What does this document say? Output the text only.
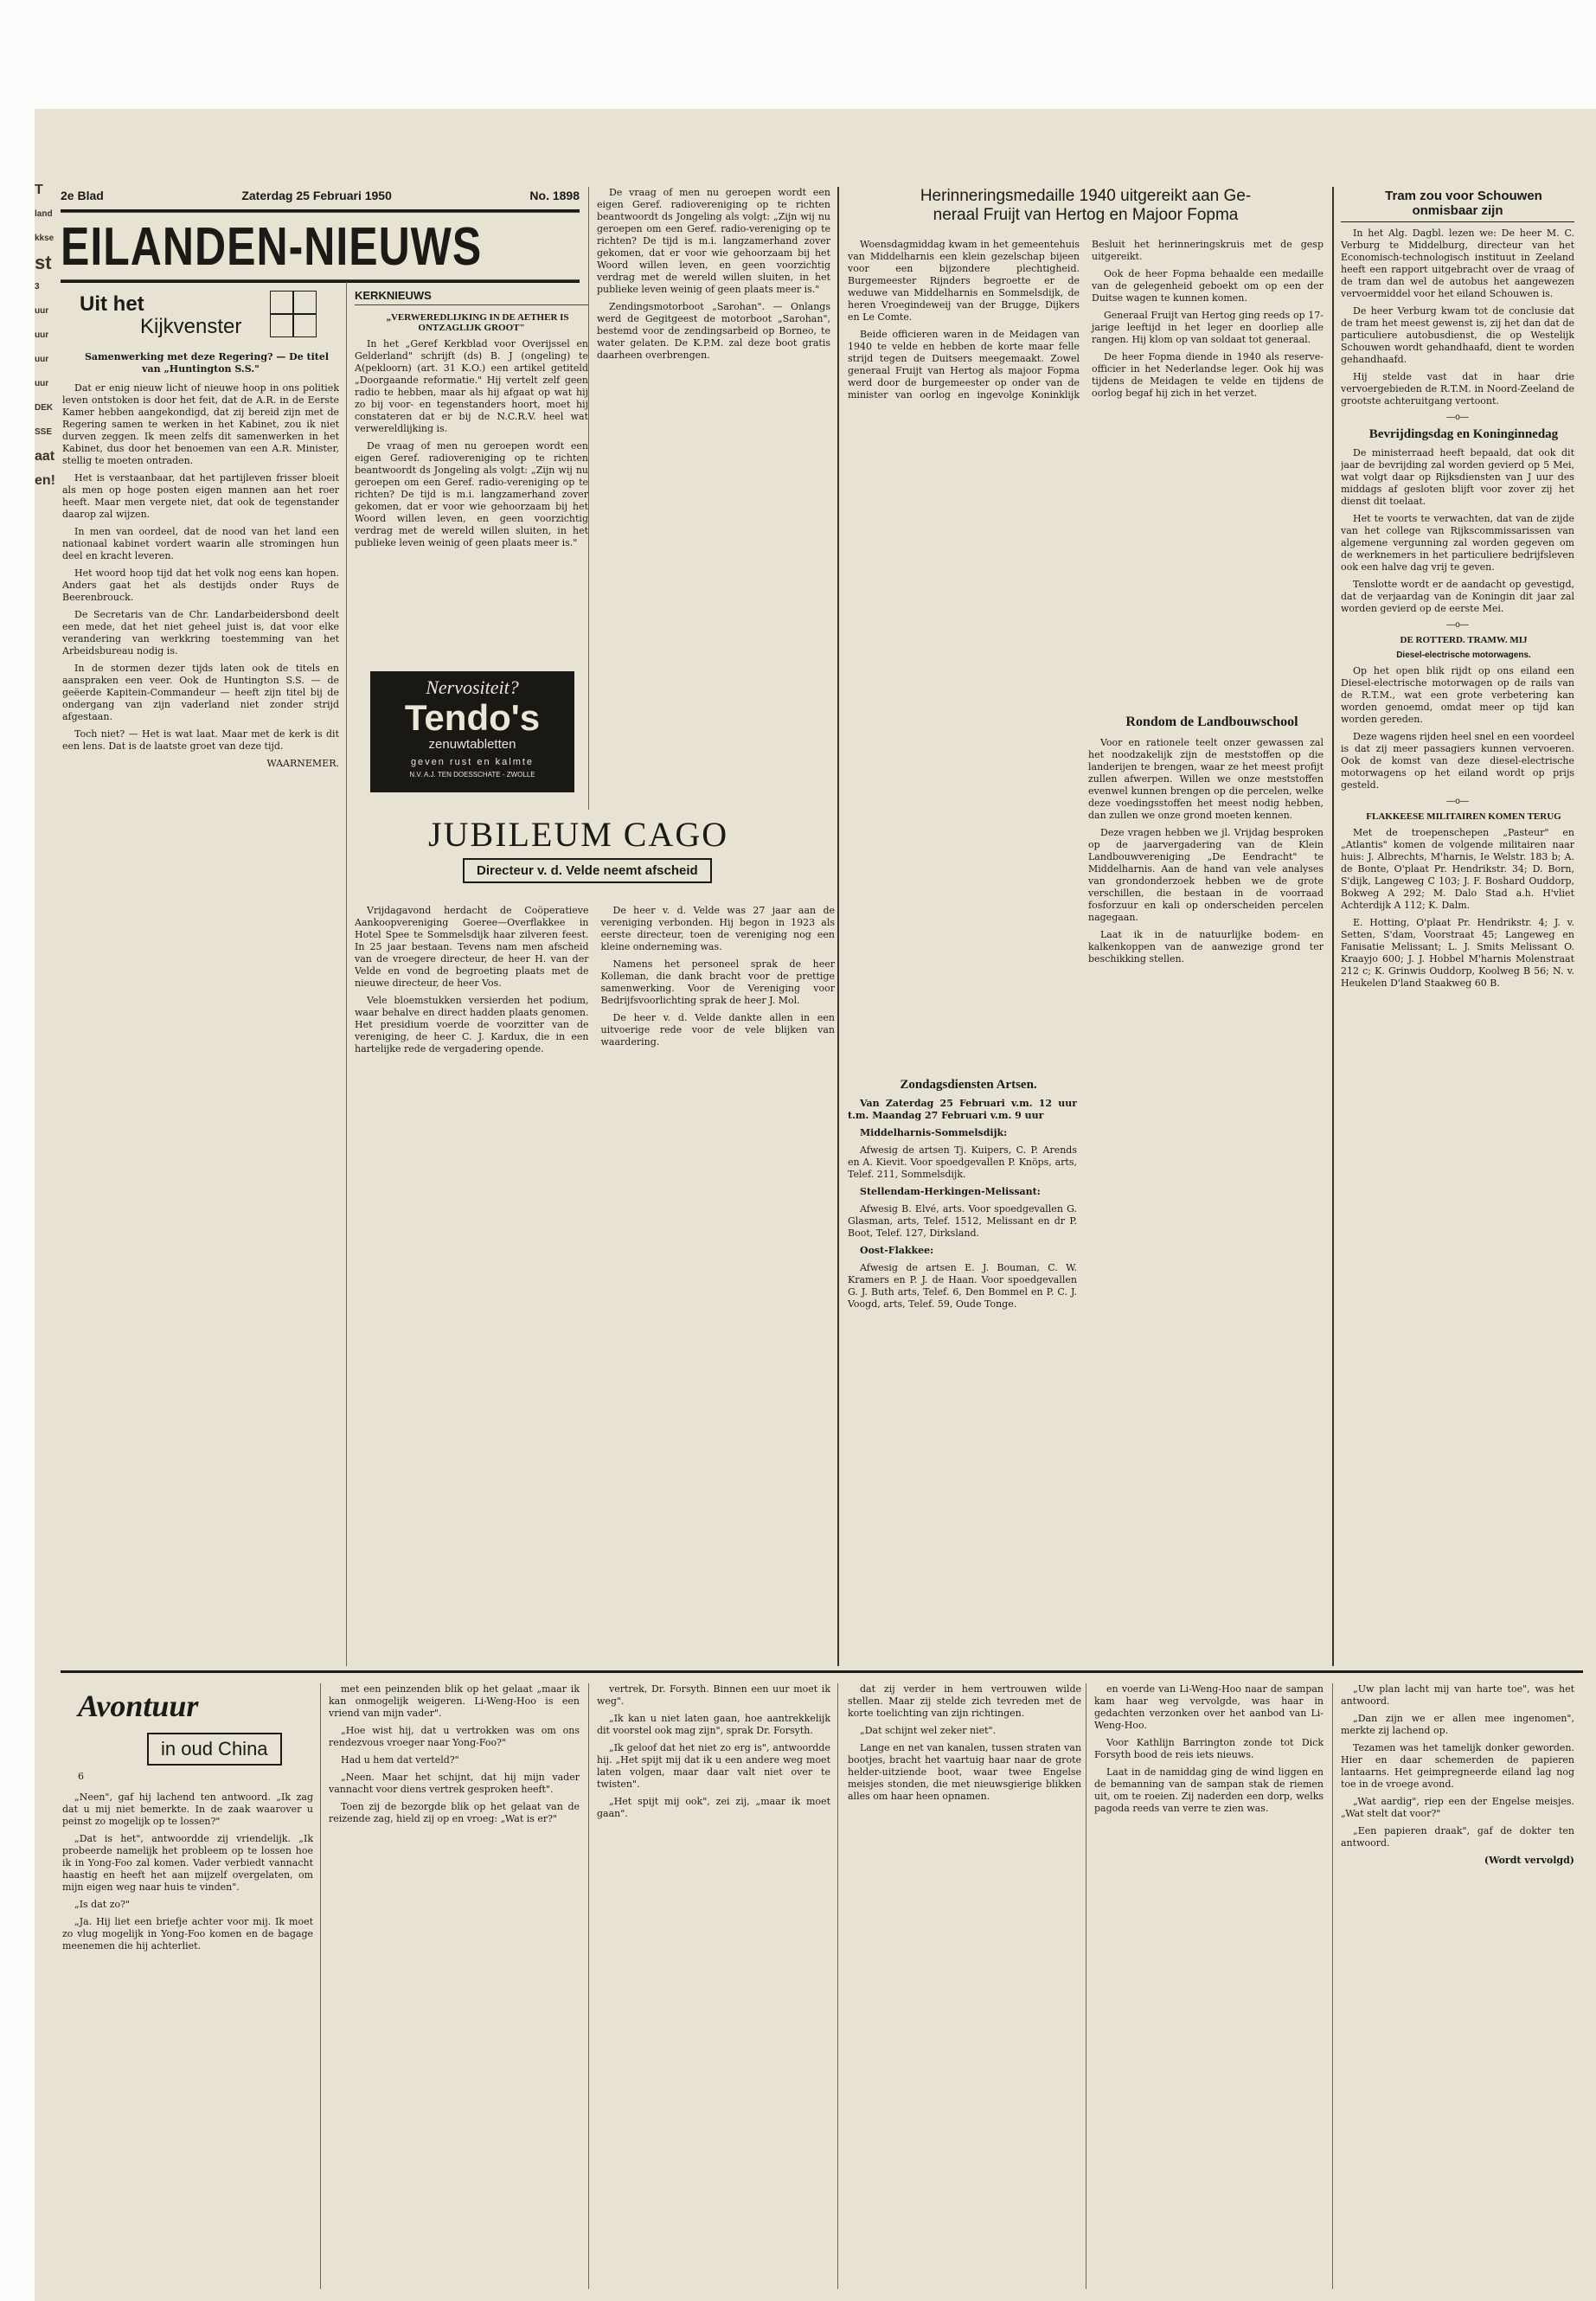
T
land
kkse
st
3 uur
uur
uur
uur
DEK
SSE
aat
en!
2e Blad	Zaterdag 25 Februari 1950	No. 1898
EILANDEN-NIEUWS
Uit het
Kijkvenster

Samenwerking met deze Regering? — De titel van „Huntington S.S."

Dat er enig nieuw licht of nieuwe hoop in ons politiek leven ontstoken is door het feit, dat de A.R. in de Eerste Kamer hebben aangekondigd, dat zij bereid zijn met de Regering samen te werken in het Kabinet, zou ik niet durven zeggen. Ik meen zelfs dit samenwerken in het Kabinet, dus door het benoemen van een A.R. Minister, stellig te moeten ontraden.

Het is verstaanbaar, dat het partijleven frisser bloeit als men op hoge posten eigen mannen aan het roer heeft. Maar men vergete niet, dat ook de tegenstander daarop zal wijzen.

In men van oordeel, dat de nood van het land een nationaal kabinet vordert waarin alle stromingen hun deel en kracht leveren.

Het woord hoop tijd dat het volk nog eens kan hopen. Anders gaat het als destijds onder Ruys de Beerenbrouck.

De Secretaris van de Chr. Landarbeidersbond deelt een mede, dat het niet geheel juist is, dat voor elke verandering van werkkring toestemming van het Arbeidsbureau nodig is.

In de stormen dezer tijds laten ook de titels en aanspraken een veer. Ook de Huntington S.S. — de geëerde Kapitein-Commandeur — heeft zijn titel bij de ondergang van zijn vaderland niet zonder strijd afgestaan.

Toch niet? — Het is wat laat. Maar met de kerk is dit een lens. Dat is de laatste groet van deze tijd.

WAARNEMER.

KERKNIEUWS

„VERWEREDLIJKING IN DE AETHER IS ONTZAGLIJK GROOT"

In het „Geref Kerkblad voor Overijssel en Gelderland" schrijft (ds) B. J (ongeling) te A(pekloorn) (art. 31 K.O.) een artikel getiteld „Doorgaande reformatie." Hij vertelt zelf geen radio te hebben, maar als hij afgaat op wat hij zo bij voor- en tegenstanders hoort, moet hij constateren dat er bij de N.C.R.V. heel wat verwereldlijking is.

De vraag of men nu geroepen wordt een eigen Geref. radiovereniging op te richten beantwoordt ds Jongeling als volgt: „Zijn wij nu geroepen om een Geref. radio-vereniging op te richten? De tijd is m.i. langzamerhand zover gekomen, dat er voor wie gehoorzaam bij het Woord willen leven, en geen voorzichtig verdrag met de wereld willen sluiten, in het publieke leven weinig of geen plaats meer is."

Nervositeit?
Tendo's
zenuwtabletten
geven rust en kalmte
N.V. A.J. TEN DOESSCHATE - ZWOLLE

De vraag of men nu geroepen wordt een eigen Geref. radiovereniging op te richten beantwoordt ds Jongeling als volgt: „Zijn wij nu geroepen om een Geref. radio-vereniging op te richten? De tijd is m.i. langzamerhand zover gekomen, dat er voor wie gehoorzaam bij het Woord willen leven, en geen voorzichtig verdrag met de wereld willen sluiten, in het publieke leven weinig of geen plaats meer is."

Zendingsmotorboot „Sarohan". — Onlangs werd de Gegitgeest de motorboot „Sarohan", bestemd voor de zendingsarbeid op Borneo, te water gelaten. De K.P.M. zal deze boot gratis daarheen overbrengen.

JUBILEUM CAGO
Directeur v. d. Velde neemt afscheid

Vrijdagavond herdacht de Coöperatieve Aankoopvereniging Goeree—Overflakkee in Hotel Spee te Sommelsdijk haar zilveren feest. In 25 jaar bestaan. Tevens nam men afscheid van de vroegere directeur, de heer H. van der Velde en vond de begroeting plaats met de nieuwe directeur, de heer Vos.

Vele bloemstukken versierden het podium, waar behalve en direct hadden plaats genomen. Het presidium voerde de voorzitter van de vereniging, de heer C. J. Kardux, die in een hartelijke rede de vergadering opende.

De heer v. d. Velde was 27 jaar aan de vereniging verbonden. Hij begon in 1923 als eerste directeur, toen de vereniging nog een kleine onderneming was.

Namens het personeel sprak de heer Kolleman, die dank bracht voor de prettige samenwerking. Voor de Vereniging voor Bedrijfsvoorlichting sprak de heer J. Mol.

De heer v. d. Velde dankte allen in een uitvoerige rede voor de vele blijken van waardering.

Herinneringsmedaille 1940 uitgereikt aan Ge-

neraal Fruijt van Hertog en Majoor Fopma

Woensdagmiddag kwam in het gemeentehuis van Middelharnis een klein gezelschap bijeen voor een bijzondere plechtigheid. Burgemeester Rijnders begroette er de weduwe van Middelharnis en Sommelsdijk, de heren Vroegindeweij van der Brugge, Dijkers en Le Comte.

Beide officieren waren in de Meidagen van 1940 te velde en hebben de korte maar felle strijd tegen de Duitsers meegemaakt. Zowel generaal Fruijt van Hertog als majoor Fopma werd door de burgemeester op onder van de minister van oorlog en ingevolge Koninklijk Besluit het herinneringskruis met de gesp uitgereikt.

Ook de heer Fopma behaalde een medaille van de gelegenheid geboekt om op een der Duitse wagen te kunnen komen.

Generaal Fruijt van Hertog ging reeds op 17-jarige leeftijd in het leger en doorliep alle rangen. Hij klom op van soldaat tot generaal.

De heer Fopma diende in 1940 als reserve-officier in het Nederlandse leger. Ook hij was tijdens de Meidagen te velde en tijdens de oorlog begaf hij zich in het verzet.

Rondom de Landbouwschool

Voor en rationele teelt onzer gewassen zal het noodzakelijk zijn de meststoffen op die landerijen te brengen, waar ze het meest profijt zullen afwerpen. Willen we onze meststoffen evenwel kunnen brengen op die percelen, welke deze voedingsstoffen het meest nodig hebben, dan zullen we onze grond moeten kennen.

Deze vragen hebben we jl. Vrijdag besproken op de jaarvergadering van de Klein Landbouwvereniging „De Eendracht" te Middelharnis. Aan de hand van vele analyses van grondonderzoek hebben we de grote verschillen, die bestaan in de voorraad fosforzuur en kali op onderscheiden percelen nagegaan.

Laat ik in de natuurlijke bodem- en kalkenkoppen van de aanwezige grond ter beschikking stellen.

Zondagsdiensten Artsen.

Van Zaterdag 25 Februari v.m. 12 uur t.m. Maandag 27 Februari v.m. 9 uur

Middelharnis-Sommelsdijk:

Afwesig de artsen Tj. Kuipers, C. P. Arends en A. Kievit. Voor spoedgevallen P. Knöps, arts, Telef. 211, Sommelsdijk.

Stellendam-Herkingen-Melissant:

Afwesig B. Elvé, arts. Voor spoedgevallen G. Glasman, arts, Telef. 1512, Melissant en dr P. Boot, Telef. 127, Dirksland.

Oost-Flakkee:

Afwesig de artsen E. J. Bouman, C. W. Kramers en P. J. de Haan. Voor spoedgevallen G. J. Buth arts, Telef. 6, Den Bommel en P. C. J. Voogd, arts, Telef. 59, Oude Tonge.

Tram zou voor Schouwen onmisbaar zijn

In het Alg. Dagbl. lezen we: De heer M. C. Verburg te Middelburg, directeur van het Economisch-technologisch instituut in Zeeland heeft een rapport uitgebracht over de vraag of de tram dan wel de autobus het aangewezen vervoermiddel voor het eiland Schouwen is.

De heer Verburg kwam tot de conclusie dat de tram het meest gewenst is, zij het dan dat de particuliere autobusdienst, die op Westelijk Schouwen wordt gehandhaafd, dient te worden gehandhaafd.

Hij stelde vast dat in haar drie vervoergebieden de R.T.M. in Noord-Zeeland de grootste achteruitgang vertoont.

—o—

Bevrijdingsdag en Koninginnedag

De ministerraad heeft bepaald, dat ook dit jaar de bevrijding zal worden gevierd op 5 Mei, wat volgt daar op Rijksdiensten van J uur des middags af gesloten blijft voor zover zij het dienst dit toelaat.

Het te voorts te verwachten, dat van de zijde van het college van Rijkscommissarissen van algemene vergunning zal worden gegeven om de werknemers in het particuliere bedrijfsleven ook een halve dag vrij te geven.

Tenslotte wordt er de aandacht op gevestigd, dat de verjaardag van de Koningin dit jaar zal worden gevierd op de eerste Mei.

—o—

DE ROTTERD. TRAMW. MIJ

Diesel-electrische motorwagens.

Op het open blik rijdt op ons eiland een Diesel-electrische motorwagen op de rails van de R.T.M., wat een grote verbetering kan worden genoemd, omdat meer op tijd kan worden gereden.

Deze wagens rijden heel snel en een voordeel is dat zij meer passagiers kunnen vervoeren. Ook de komst van deze diesel-electrische motorwagens op het eiland wordt op prijs gesteld.

—o—

FLAKKEESE MILITAIREN KOMEN TERUG

Met de troepenschepen „Pasteur" en „Atlantis" komen de volgende militairen naar huis: J. Albrechts, M'harnis, Ie Welstr. 183 b; A. de Bonte, O'plaat Pr. Hendrikstr. 34; D. Born, S'dijk, Langeweg C 103; J. F. Boshard Ouddorp, Bokweg A 292; M. Dalo Stad a.h. H'vliet Achterdijk A 112; K. Dalm.

E. Hotting, O'plaat Pr. Hendrikstr. 4; J. v. Setten, S'dam, Voorstraat 45; Langeweg en Fanisatie Melissant; L. J. Smits Melissant O. Kraayjo 600; J. J. Hobbel M'harnis Molenstraat 212 c; K. Grinwis Ouddorp, Koolweg B 56; N. v. Heukelen D'land Staakweg 60 B.

Avontuur
in oud China
6

„Neen", gaf hij lachend ten antwoord. „Ik zag dat u mij niet bemerkte. In de zaak waarover u peinst zo mogelijk op te lossen?"

„Dat is het", antwoordde zij vriendelijk. „Ik probeerde namelijk het probleem op te lossen hoe ik in Yong-Foo zal komen. Vader verbiedt vannacht haastig en heeft het aan mijzelf overgelaten, om mijn eigen weg naar huis te vinden".

„Is dat zo?"

„Ja. Hij liet een briefje achter voor mij. Ik moet zo vlug mogelijk in Yong-Foo komen en de bagage meenemen die hij achterliet.

met een peinzenden blik op het gelaat „maar ik kan onmogelijk weigeren. Li-Weng-Hoo is een vriend van mijn vader".

„Hoe wist hij, dat u vertrokken was om ons rendezvous vroeger naar Yong-Foo?"

Had u hem dat verteld?"

„Neen. Maar het schijnt, dat hij mijn vader vannacht voor diens vertrek gesproken heeft".

Toen zij de bezorgde blik op het gelaat van de reizende zag, hield zij op en vroeg: „Wat is er?"

vertrek, Dr. Forsyth. Binnen een uur moet ik weg".

„Ik kan u niet laten gaan, hoe aantrekkelijk dit voorstel ook mag zijn", sprak Dr. Forsyth.

„Ik geloof dat het niet zo erg is", antwoordde hij. „Het spijt mij dat ik u een andere weg moet laten volgen, maar daar valt niet over te twisten".

„Het spijt mij ook", zei zij, „maar ik moet gaan".

dat zij verder in hem vertrouwen wilde stellen. Maar zij stelde zich tevreden met de korte toelichting van zijn richtingen.

„Dat schijnt wel zeker niet".

Lange en net van kanalen, tussen straten van bootjes, bracht het vaartuig haar naar de grote helder-uitziende boot, waar twee Engelse meisjes stonden, die met nieuwsgierige blikken alles om haar heen opnamen.

en voerde van Li-Weng-Hoo naar de sampan kam haar weg vervolgde, was haar in gedachten verzonken over het aanbod van Li-Weng-Hoo.

Voor Kathlijn Barrington zonde tot Dick Forsyth bood de reis iets nieuws.

Laat in de namiddag ging de wind liggen en de bemanning van de sampan stak de riemen uit, om te roeien. Zij naderden een dorp, welks pagoda reeds van verre te zien was.

„Uw plan lacht mij van harte toe", was het antwoord.

„Dan zijn we er allen mee ingenomen", merkte zij lachend op.

Tezamen was het tamelijk donker geworden. Hier en daar schemerden de papieren lantaarns. Het geimpregneerde eiland lag nog toe in de vroege avond.

„Wat aardig", riep een der Engelse meisjes. „Wat stelt dat voor?"

„Een papieren draak", gaf de dokter ten antwoord.

(Wordt vervolgd)
